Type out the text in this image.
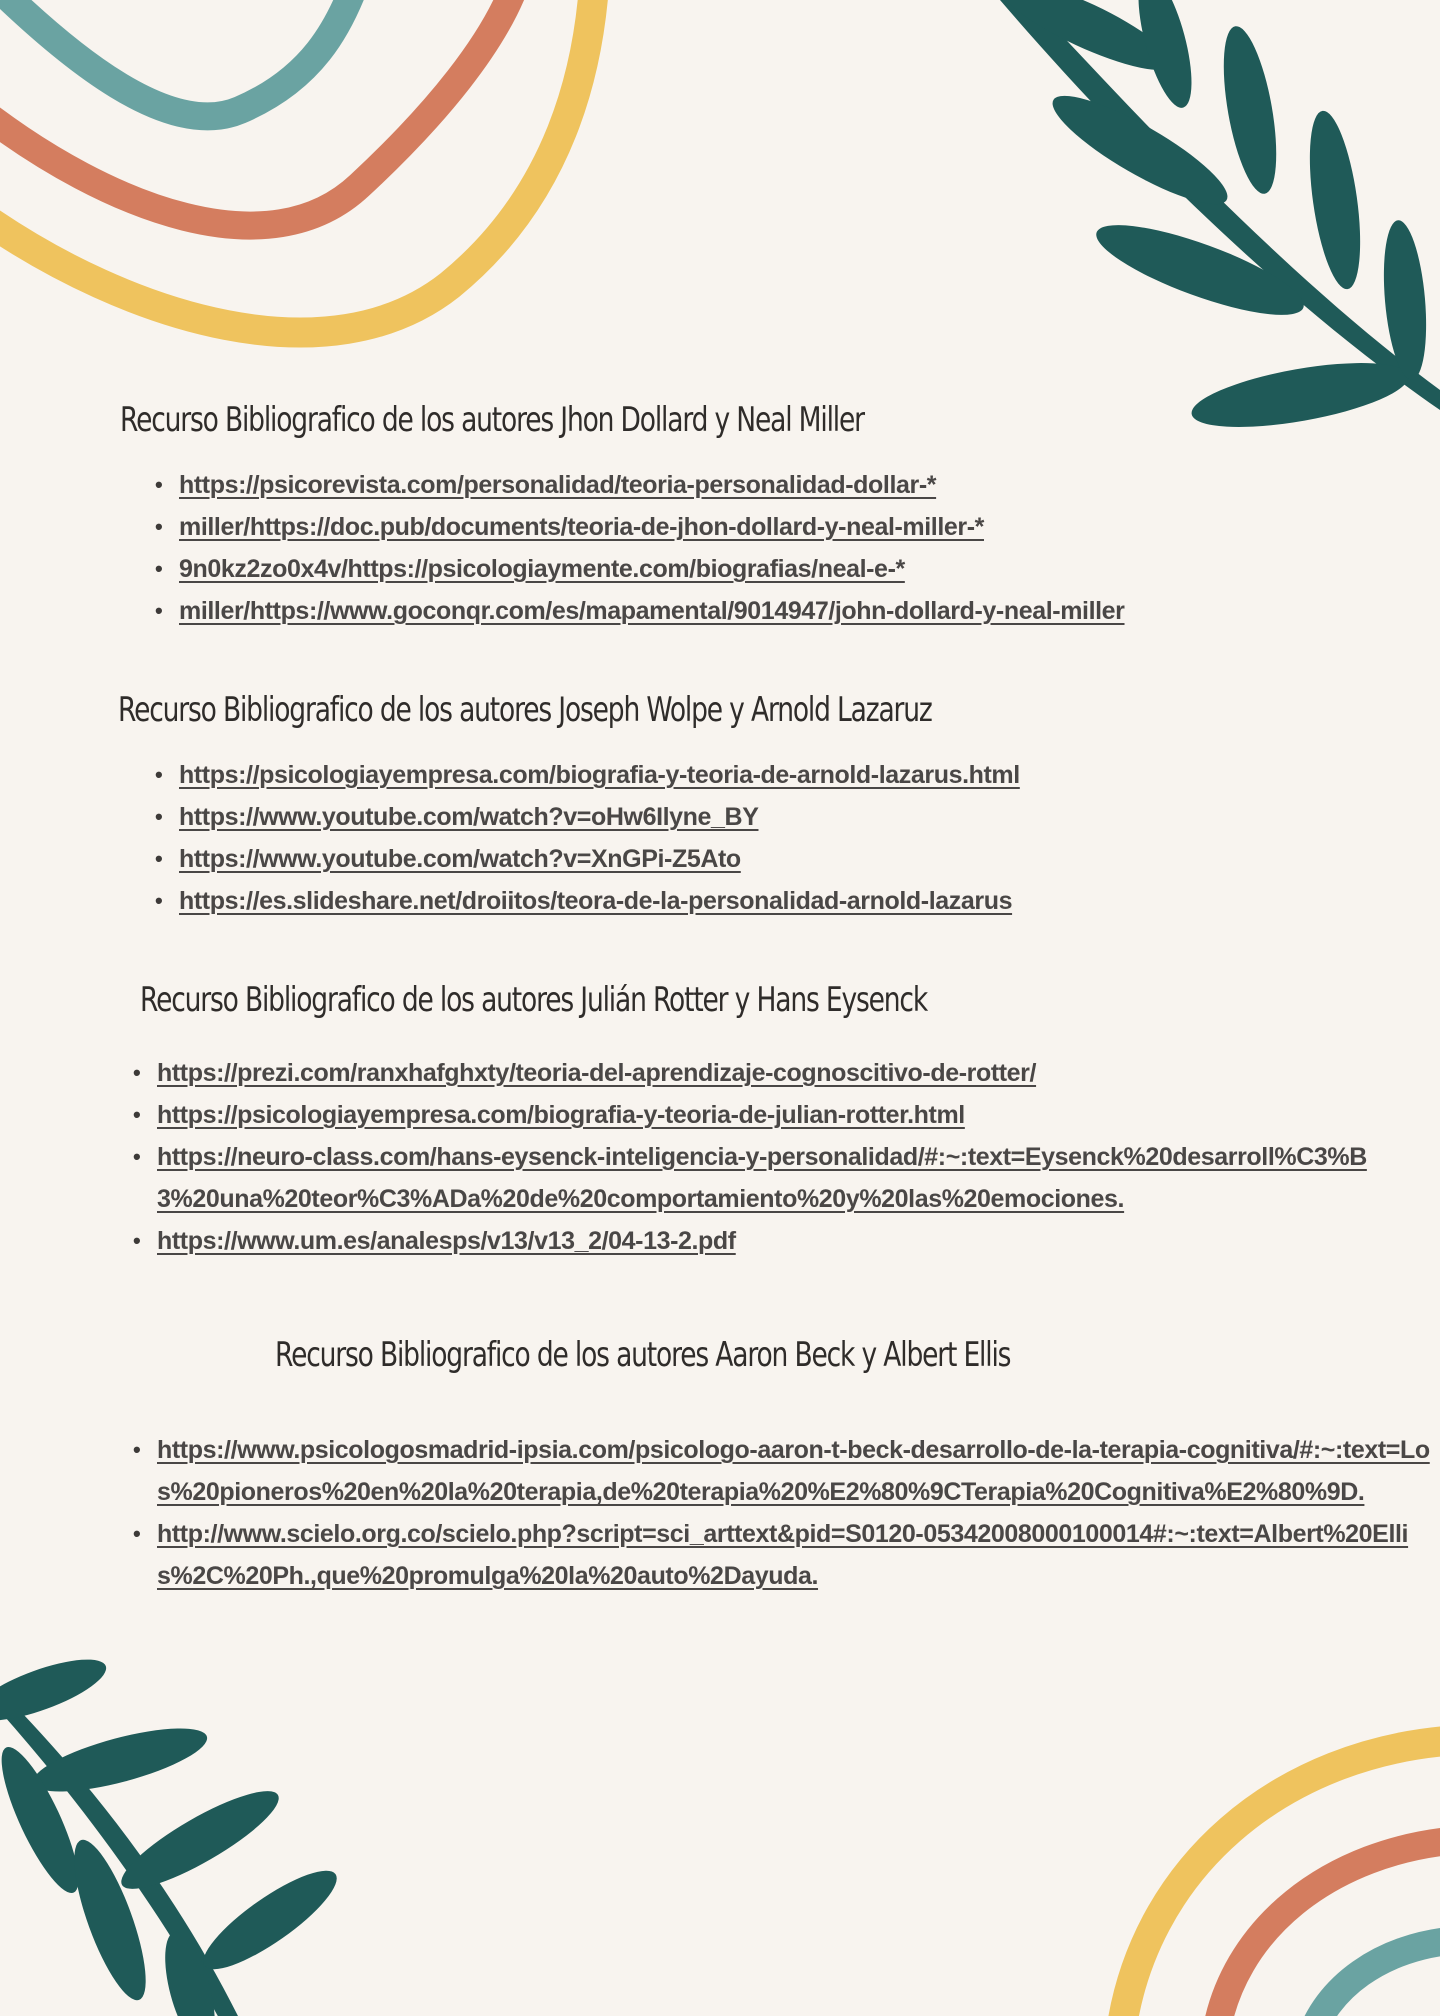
Recurso Bibliografico de los autores Jhon Dollard y Neal Miller
• https://psicorevista.com/personalidad/teoria-personalidad-dollar-*
• miller/https://doc.pub/documents/teoria-de-jhon-dollard-y-neal-miller-*
• 9n0kz2zo0x4v/https://psicologiaymente.com/biografias/neal-e-*
• miller/https://www.goconqr.com/es/mapamental/9014947/john-dollard-y-neal-miller
Recurso Bibliografico de los autores Joseph Wolpe y Arnold Lazaruz
• https://psicologiayempresa.com/biografia-y-teoria-de-arnold-lazarus.html
• https://www.youtube.com/watch?v=oHw6Ilyne_BY
• https://www.youtube.com/watch?v=XnGPi-Z5Ato
• https://es.slideshare.net/droiitos/teora-de-la-personalidad-arnold-lazarus
Recurso Bibliografico de los autores Julián Rotter y Hans Eysenck
• https://prezi.com/ranxhafghxty/teoria-del-aprendizaje-cognoscitivo-de-rotter/
• https://psicologiayempresa.com/biografia-y-teoria-de-julian-rotter.html
• https://neuro-class.com/hans-eysenck-inteligencia-y-personalidad/#:~:text=Eysenck%20desarroll%C3%B3%20una%20teor%C3%ADa%20de%20comportamiento%20y%20las%20emociones.
• https://www.um.es/analesps/v13/v13_2/04-13-2.pdf
Recurso Bibliografico de los autores Aaron Beck y Albert Ellis
• https://www.psicologosmadrid-ipsia.com/psicologo-aaron-t-beck-desarrollo-de-la-terapia-cognitiva/#:~:text=Los%20pioneros%20en%20la%20terapia,de%20terapia%20%E2%80%9CTerapia%20Cognitiva%E2%80%9D.
• http://www.scielo.org.co/scielo.php?script=sci_arttext&pid=S0120-05342008000100014#:~:text=Albert%20Ellis%2C%20Ph.,que%20promulga%20la%20auto%2Dayuda.
